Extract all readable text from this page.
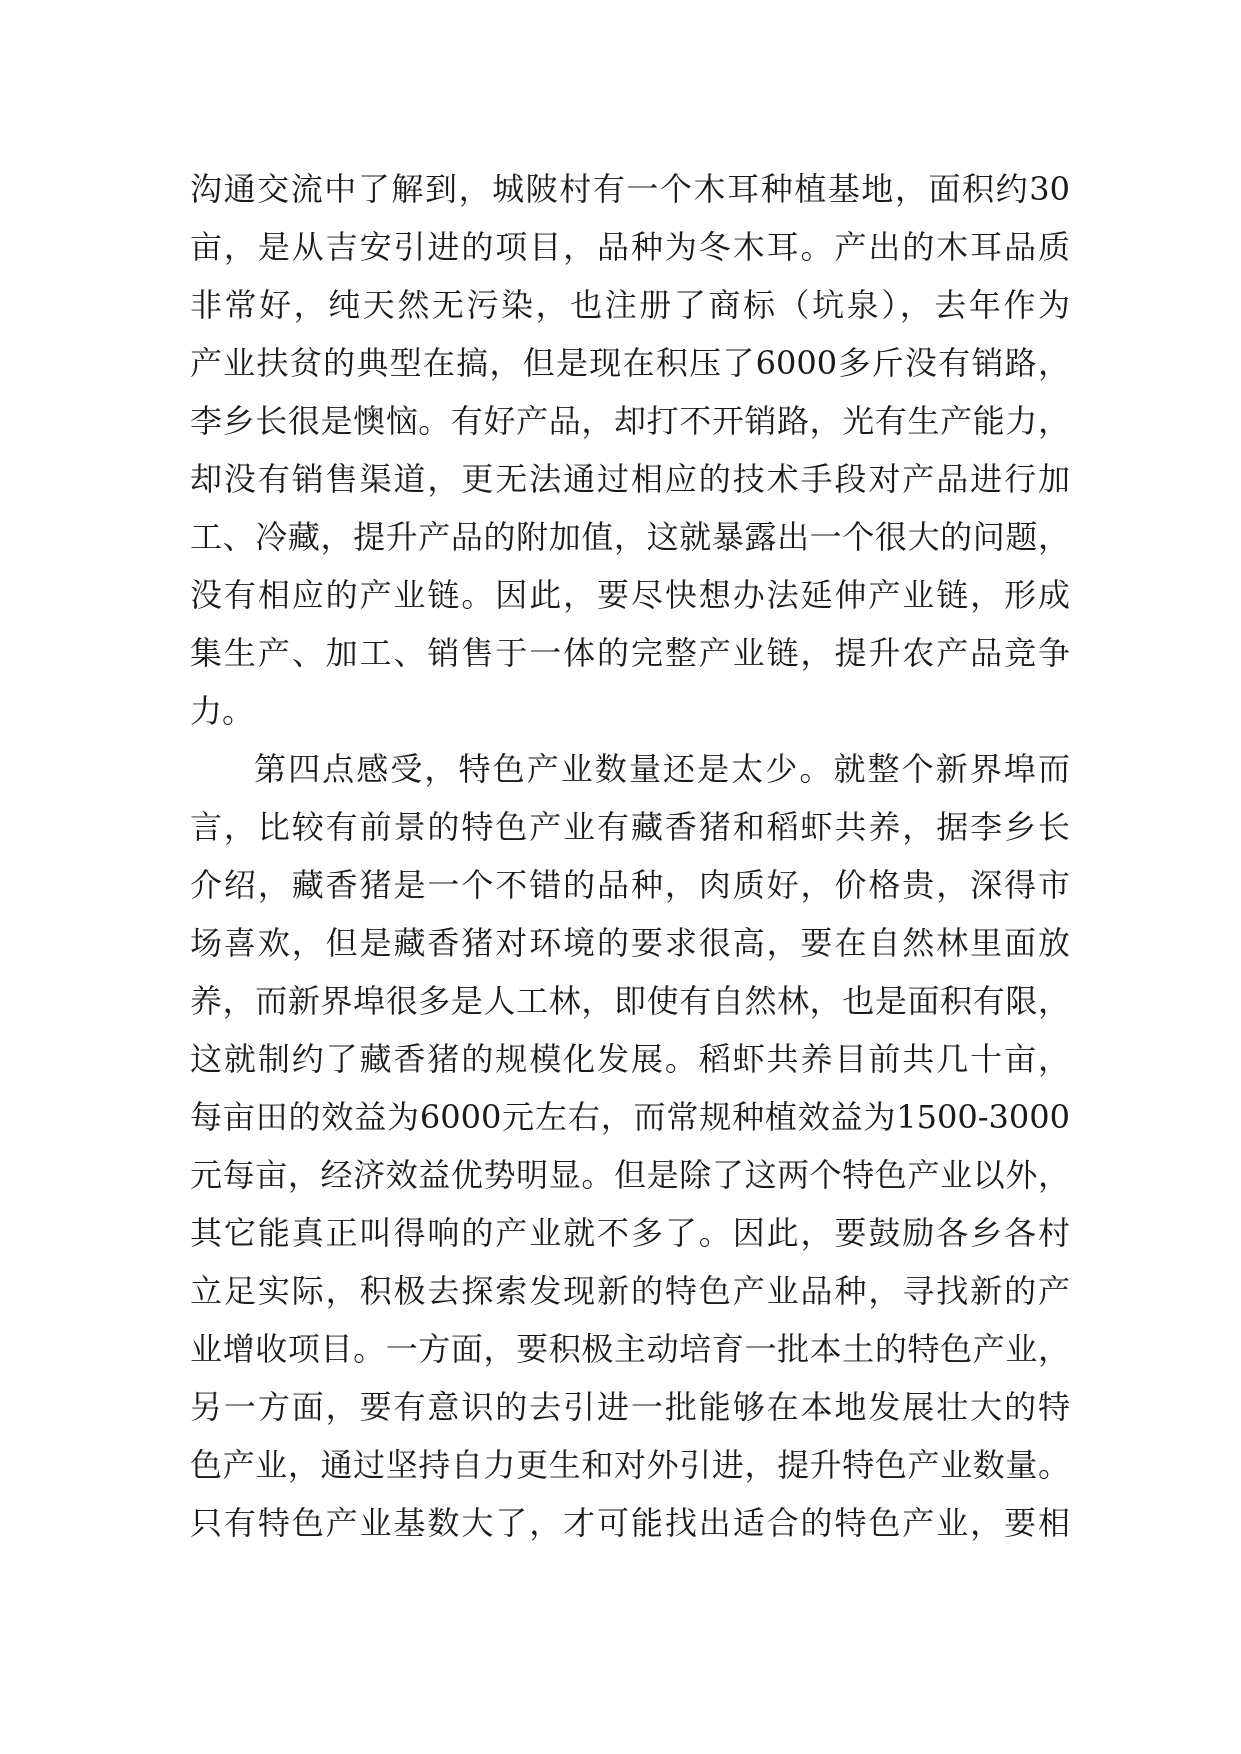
沟通交流中了解到，城陂村有一个木耳种植基地，面积约30
亩，是从吉安引进的项目，品种为冬木耳。产出的木耳品质
非常好，纯天然无污染，也注册了商标（坑泉），去年作为
产业扶贫的典型在搞，但是现在积压了6000多斤没有销路，
李乡长很是懊恼。有好产品，却打不开销路，光有生产能力，
却没有销售渠道，更无法通过相应的技术手段对产品进行加
工、冷藏，提升产品的附加值，这就暴露出一个很大的问题，
没有相应的产业链。因此，要尽快想办法延伸产业链，形成
集生产、加工、销售于一体的完整产业链，提升农产品竞争
力。
第四点感受，特色产业数量还是太少。就整个新界埠而
言，比较有前景的特色产业有藏香猪和稻虾共养，据李乡长
介绍，藏香猪是一个不错的品种，肉质好，价格贵，深得市
场喜欢，但是藏香猪对环境的要求很高，要在自然林里面放
养，而新界埠很多是人工林，即使有自然林，也是面积有限，
这就制约了藏香猪的规模化发展。稻虾共养目前共几十亩，
每亩田的效益为6000元左右，而常规种植效益为1500-3000
元每亩，经济效益优势明显。但是除了这两个特色产业以外，
其它能真正叫得响的产业就不多了。因此，要鼓励各乡各村
立足实际，积极去探索发现新的特色产业品种，寻找新的产
业增收项目。一方面，要积极主动培育一批本土的特色产业，
另一方面，要有意识的去引进一批能够在本地发展壮大的特
色产业，通过坚持自力更生和对外引进，提升特色产业数量。
只有特色产业基数大了，才可能找出适合的特色产业，要相
